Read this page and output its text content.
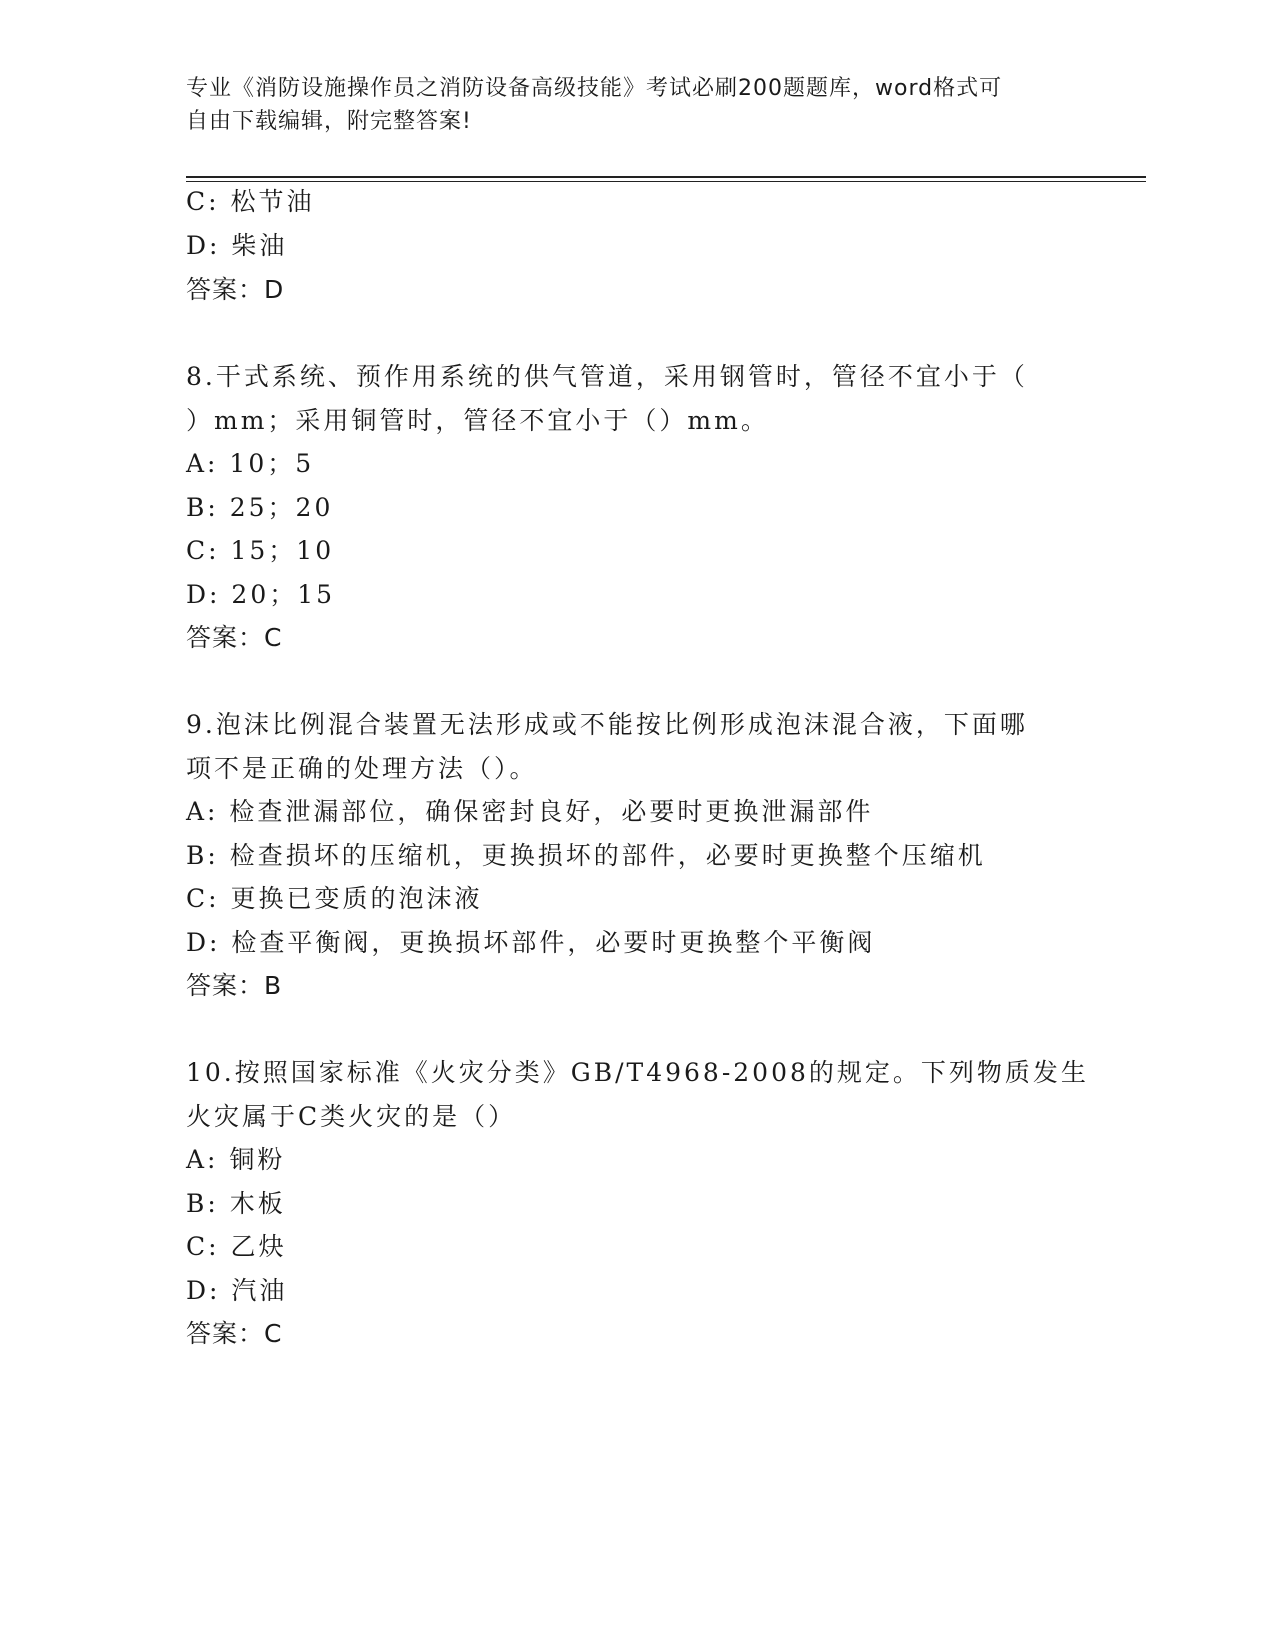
专业《消防设施操作员之消防设备高级技能》考试必刷200题题库，word格式可
自由下载编辑，附完整答案!
C: 松节油
D: 柴油
答案：D
8.干式系统、预作用系统的供气管道，采用钢管时，管径不宜小于（
）mm；采用铜管时，管径不宜小于（）mm。
A: 10；5
B: 25；20
C: 15；10
D: 20；15
答案：C
9.泡沫比例混合装置无法形成或不能按比例形成泡沫混合液，下面哪
项不是正确的处理方法（）。
A: 检查泄漏部位，确保密封良好，必要时更换泄漏部件
B: 检查损坏的压缩机，更换损坏的部件，必要时更换整个压缩机
C: 更换已变质的泡沫液
D: 检查平衡阀，更换损坏部件，必要时更换整个平衡阀
答案：B
10.按照国家标准《火灾分类》GB/T4968-2008的规定。下列物质发生
火灾属于C类火灾的是（）
A: 铜粉
B: 木板
C: 乙炔
D: 汽油
答案：C
